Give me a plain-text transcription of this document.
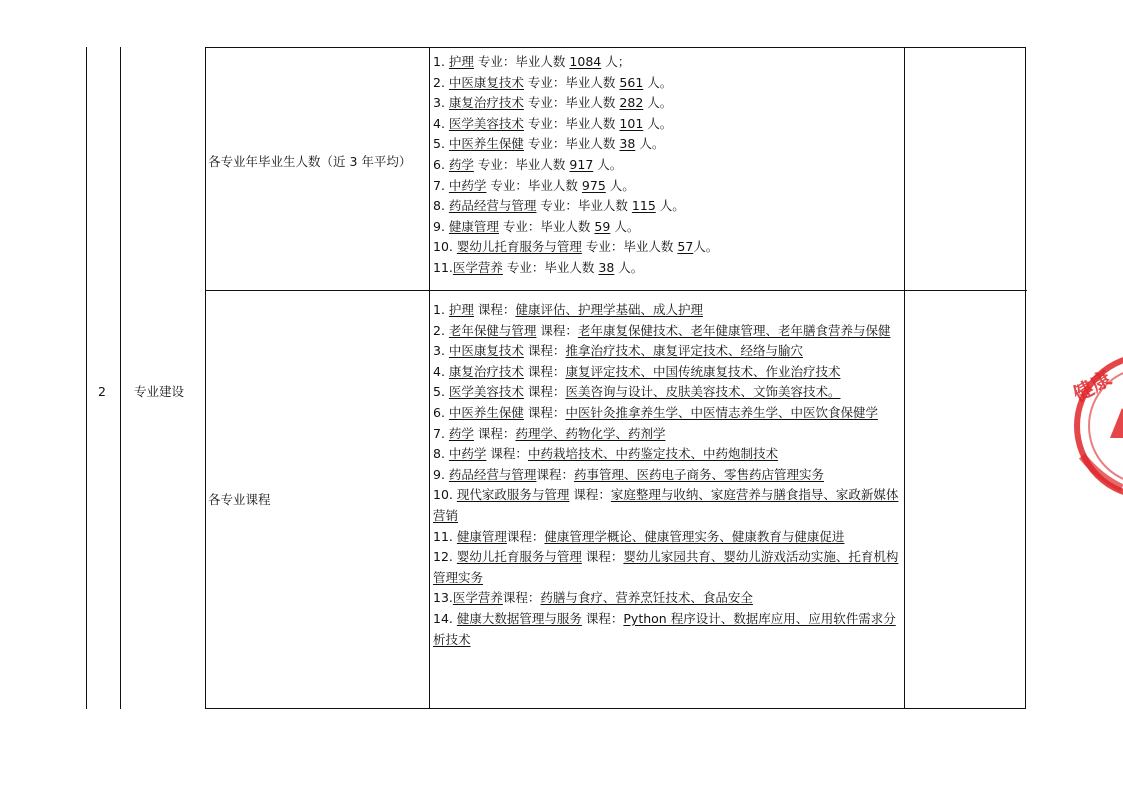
2 专业建设
各专业年毕业生人数（近 3 年平均）
各专业课程
1. 护理 专业：毕业人数 1084 人；
2. 中医康复技术 专业：毕业人数 561 人。
3. 康复治疗技术 专业：毕业人数 282 人。
4. 医学美容技术 专业：毕业人数 101 人。
5. 中医养生保健 专业：毕业人数 38 人。
6. 药学 专业：毕业人数 917 人。
7. 中药学 专业：毕业人数 975 人。
8. 药品经营与管理 专业：毕业人数 115 人。
9. 健康管理 专业：毕业人数 59 人。
10. 婴幼儿托育服务与管理 专业：毕业人数 57人。
11.医学营养 专业：毕业人数 38 人。
1. 护理 课程：健康评估、护理学基础、成人护理
2. 老年保健与管理 课程：老年康复保健技术、老年健康管理、老年膳食营养与保健
3. 中医康复技术 课程：推拿治疗技术、康复评定技术、经络与腧穴
4. 康复治疗技术 课程：康复评定技术、中国传统康复技术、作业治疗技术
5. 医学美容技术 课程：医美咨询与设计、皮肤美容技术、文饰美容技术。
6. 中医养生保健 课程：中医针灸推拿养生学、中医情志养生学、中医饮食保健学
7. 药学 课程：药理学、药物化学、药剂学
8. 中药学 课程：中药栽培技术、中药鉴定技术、中药炮制技术
9. 药品经营与管理课程：药事管理、医药电子商务、零售药店管理实务
10. 现代家政服务与管理 课程：家庭整理与收纳、家庭营养与膳食指导、家政新媒体营销
11. 健康管理课程：健康管理学概论、健康管理实务、健康教育与健康促进
12. 婴幼儿托育服务与管理 课程：婴幼儿家园共育、婴幼儿游戏活动实施、托育机构管理实务
13.医学营养课程：药膳与食疗、营养烹饪技术、食品安全
14. 健康大数据管理与服务 课程：Python 程序设计、数据库应用、应用软件需求分析技术
健康
